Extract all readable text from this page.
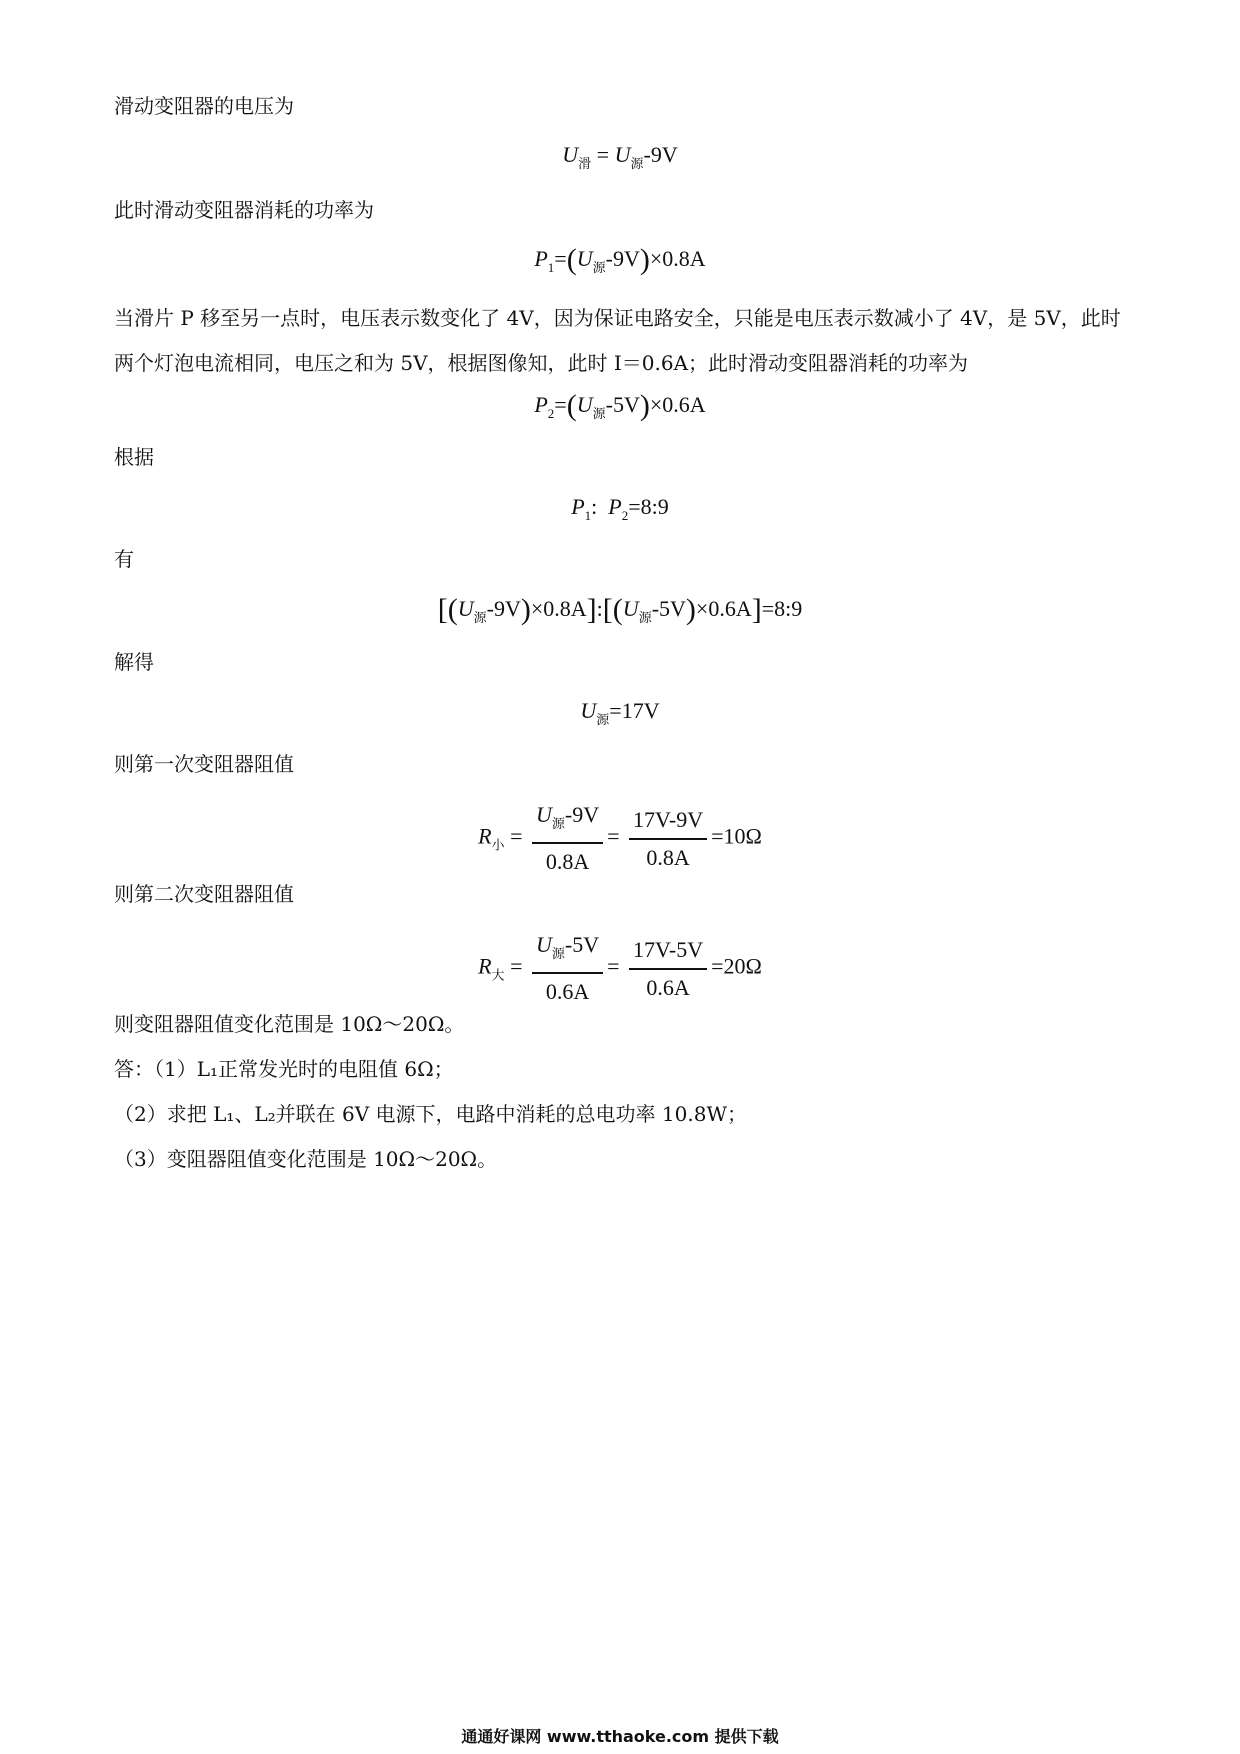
滑动变阻器的电压为
$U_滑 = U_源-9V$
此时滑动变阻器消耗的功率为
$P_1=(U_源-9V)\times 0.8A$
当滑片 P 移至另一点时，电压表示数变化了 4V，因为保证电路安全，只能是电压表示数减小了 4V，是 5V，此时两个灯泡电流相同，电压之和为 5V，根据图像知，此时 I＝0.6A；此时滑动变阻器消耗的功率为
$P_2=(U_源-5V)\times 0.6A$
根据
$P_1$:  $P_2=8:9$
有
$[(U_源-9V)\times 0.8A]:[(U_源-5V)\times 0.6A]=8:9$
解得
$U_源=17V$
则第一次变阻器阻值
$R_小 = \frac{U_源-9V}{0.8A} = \frac{17V-9V}{0.8A} =10\Omega$
则第二次变阻器阻值
$R_大 = \frac{U_源-5V}{0.6A} = \frac{17V-5V}{0.6A} =20\Omega$
则变阻器阻值变化范围是 10Ω～20Ω。
答：（1）L₁正常发光时的电阻值 6Ω；
（2）求把 L₁、L₂并联在 6V 电源下，电路中消耗的总电功率 10.8W；
（3）变阻器阻值变化范围是 10Ω～20Ω。
通通好课网 www.tthaoke.com 提供下载
